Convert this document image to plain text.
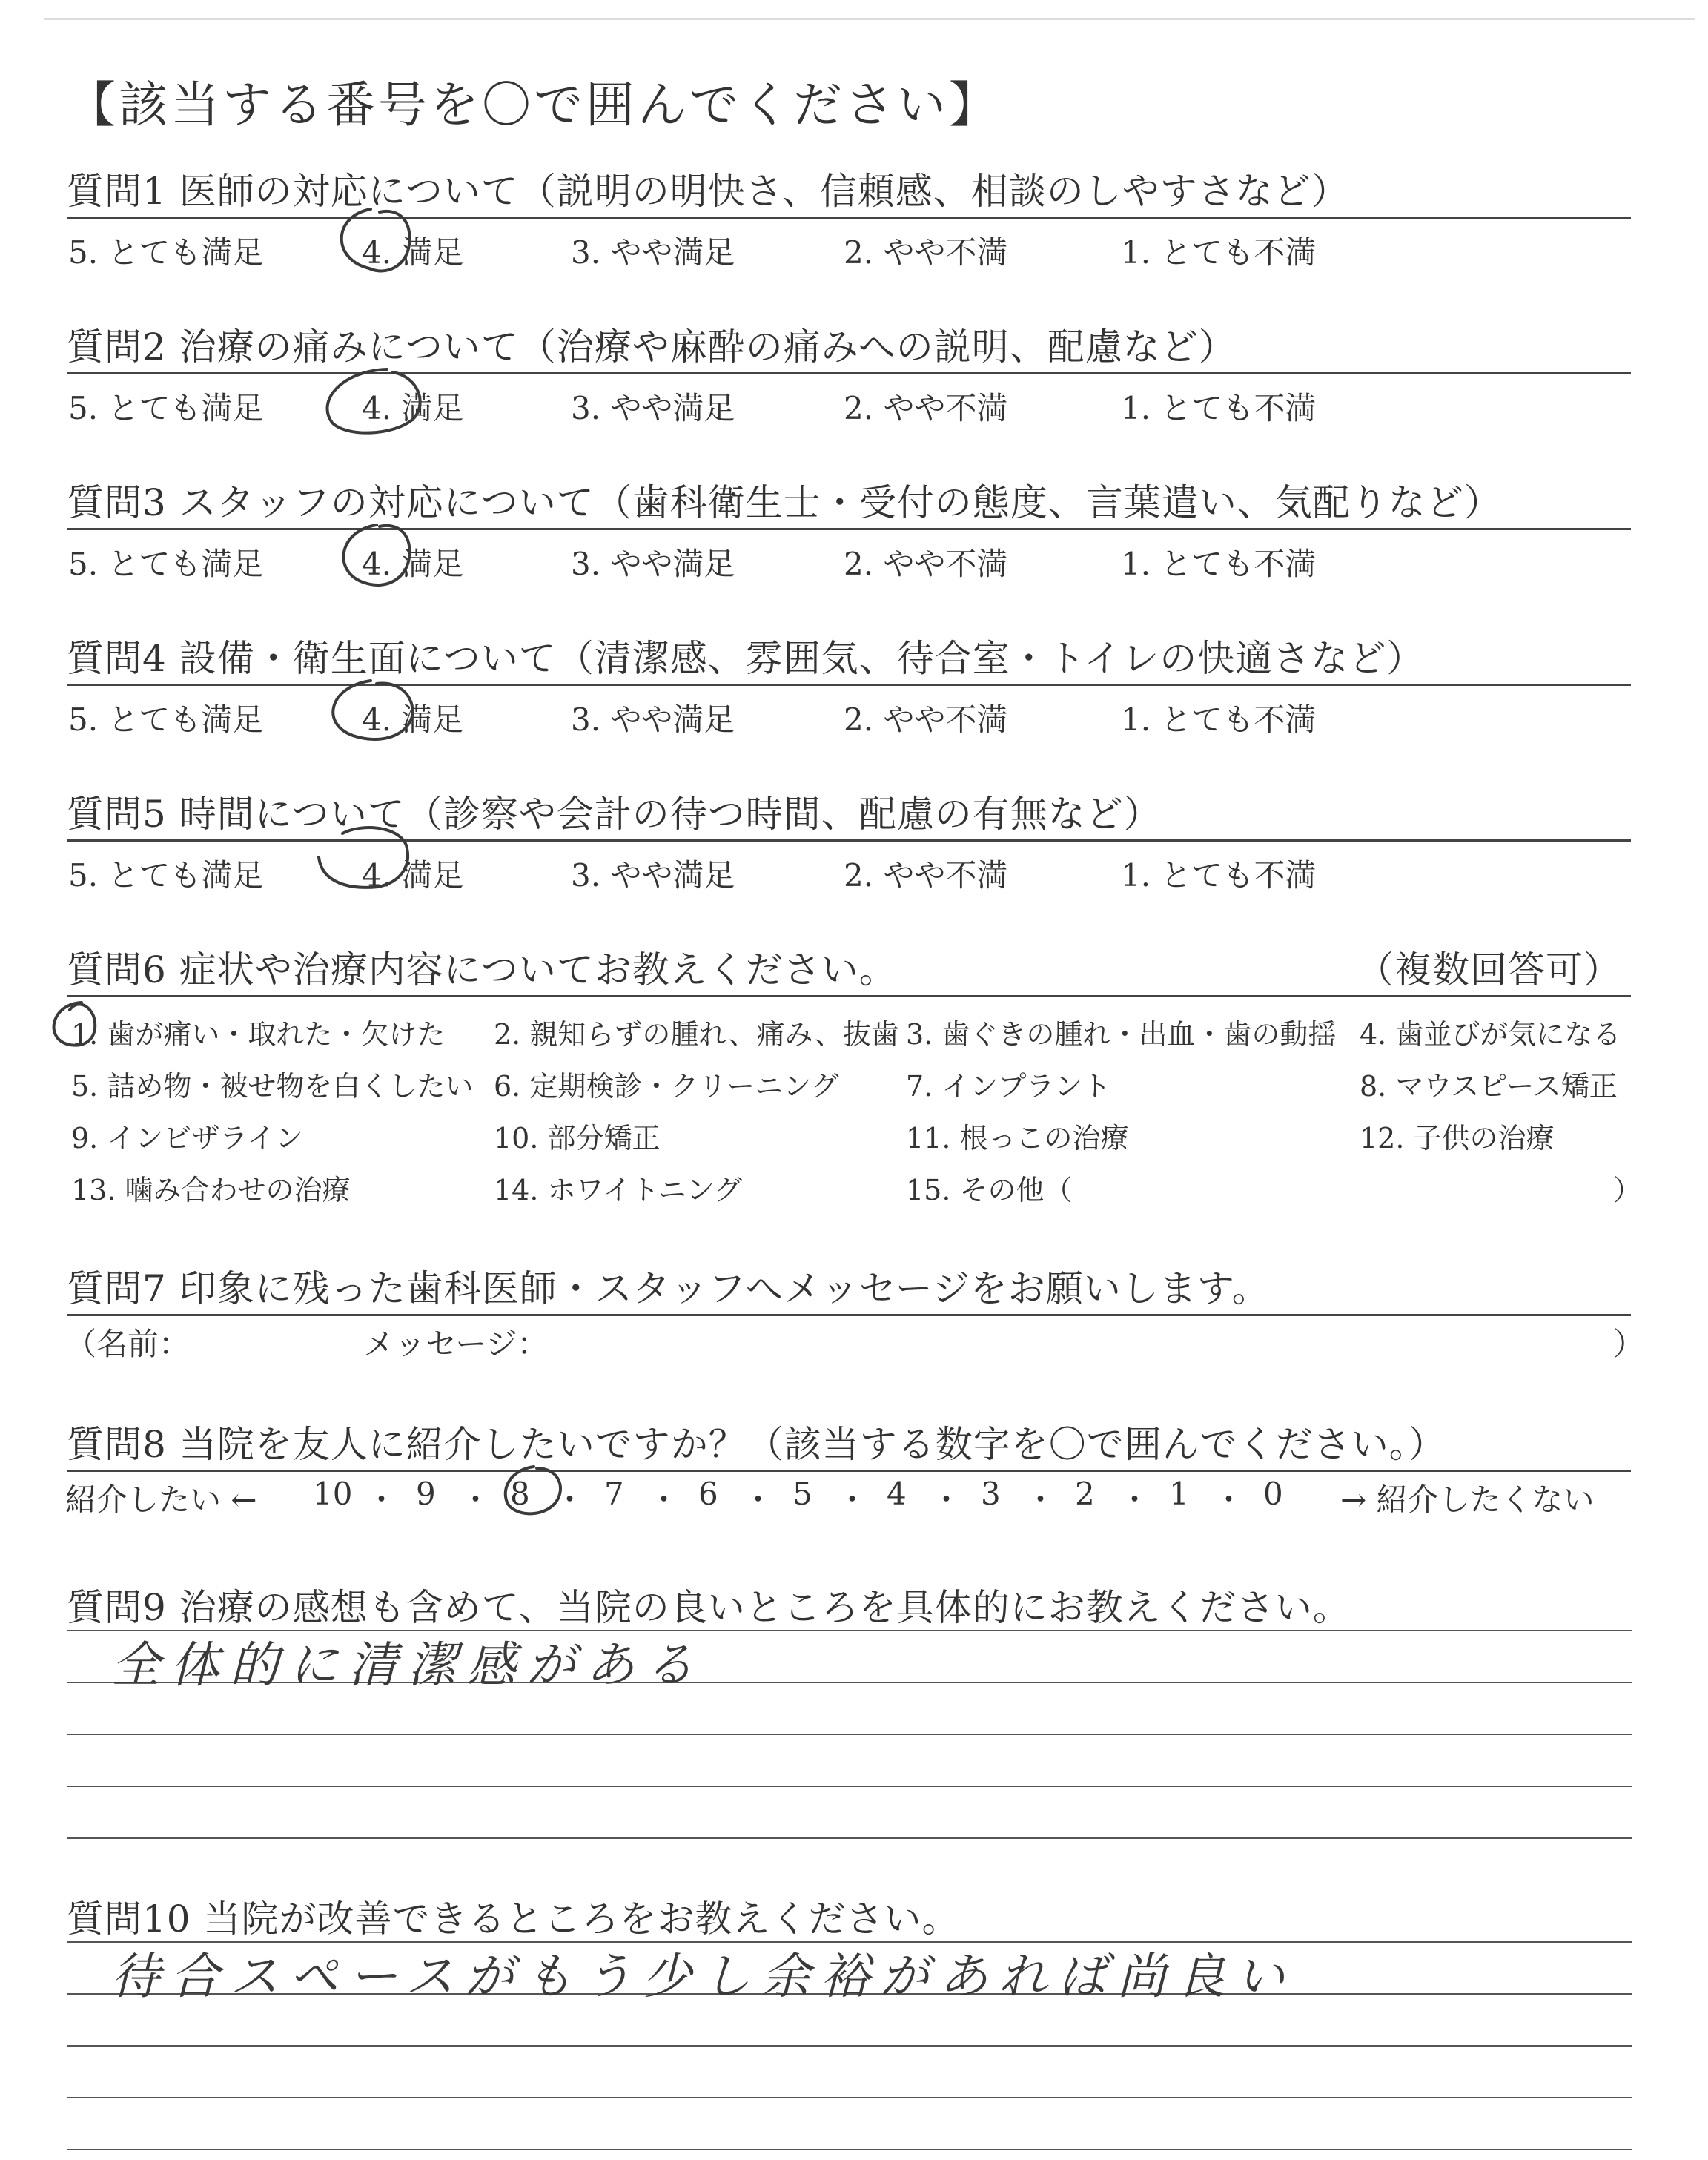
【該当する番号を〇で囲んでください】
質問1 医師の対応について（説明の明快さ、信頼感、相談のしやすさなど）
5. とても満足	4. 満足	3. やや満足	2. やや不満	1. とても不満
質問2 治療の痛みについて（治療や麻酔の痛みへの説明、配慮など）
5. とても満足	4. 満足	3. やや満足	2. やや不満	1. とても不満
質問3 スタッフの対応について（歯科衛生士・受付の態度、言葉遣い、気配りなど）
5. とても満足	4. 満足	3. やや満足	2. やや不満	1. とても不満
質問4 設備・衛生面について（清潔感、雰囲気、待合室・トイレの快適さなど）
5. とても満足	4. 満足	3. やや満足	2. やや不満	1. とても不満
質問5 時間について（診察や会計の待つ時間、配慮の有無など）
5. とても満足	4. 満足	3. やや満足	2. やや不満	1. とても不満
質問6 症状や治療内容についてお教えください。	（複数回答可）
1. 歯が痛い・取れた・欠けた 2. 親知らずの腫れ、痛み、抜歯 3. 歯ぐきの腫れ・出血・歯の動揺 4. 歯並びが気になる
5. 詰め物・被せ物を白くしたい 6. 定期検診・クリーニング 7. インプラント	8. マウスピース矯正
9. インビザライン	10. 部分矯正	11. 根っこの治療	12. 子供の治療
13. 噛み合わせの治療	14. ホワイトニング	15. その他（	）
質問7 印象に残った歯科医師・スタッフへメッセージをお願いします。
（名前：	メッセージ：	）
質問8 当院を友人に紹介したいですか？（該当する数字を〇で囲んでください。）
紹介したい ←	→ 紹介したくない
10 ・ 9 ・ 8 ・ 7 ・ 6 ・ 5 ・ 4 ・ 3 ・ 2 ・ 1 ・ 0
質問9 治療の感想も含めて、当院の良いところを具体的にお教えください。
全体的に清潔感がある
質問10 当院が改善できるところをお教えください。
待合スペースがもう少し余裕があれば尚良い
